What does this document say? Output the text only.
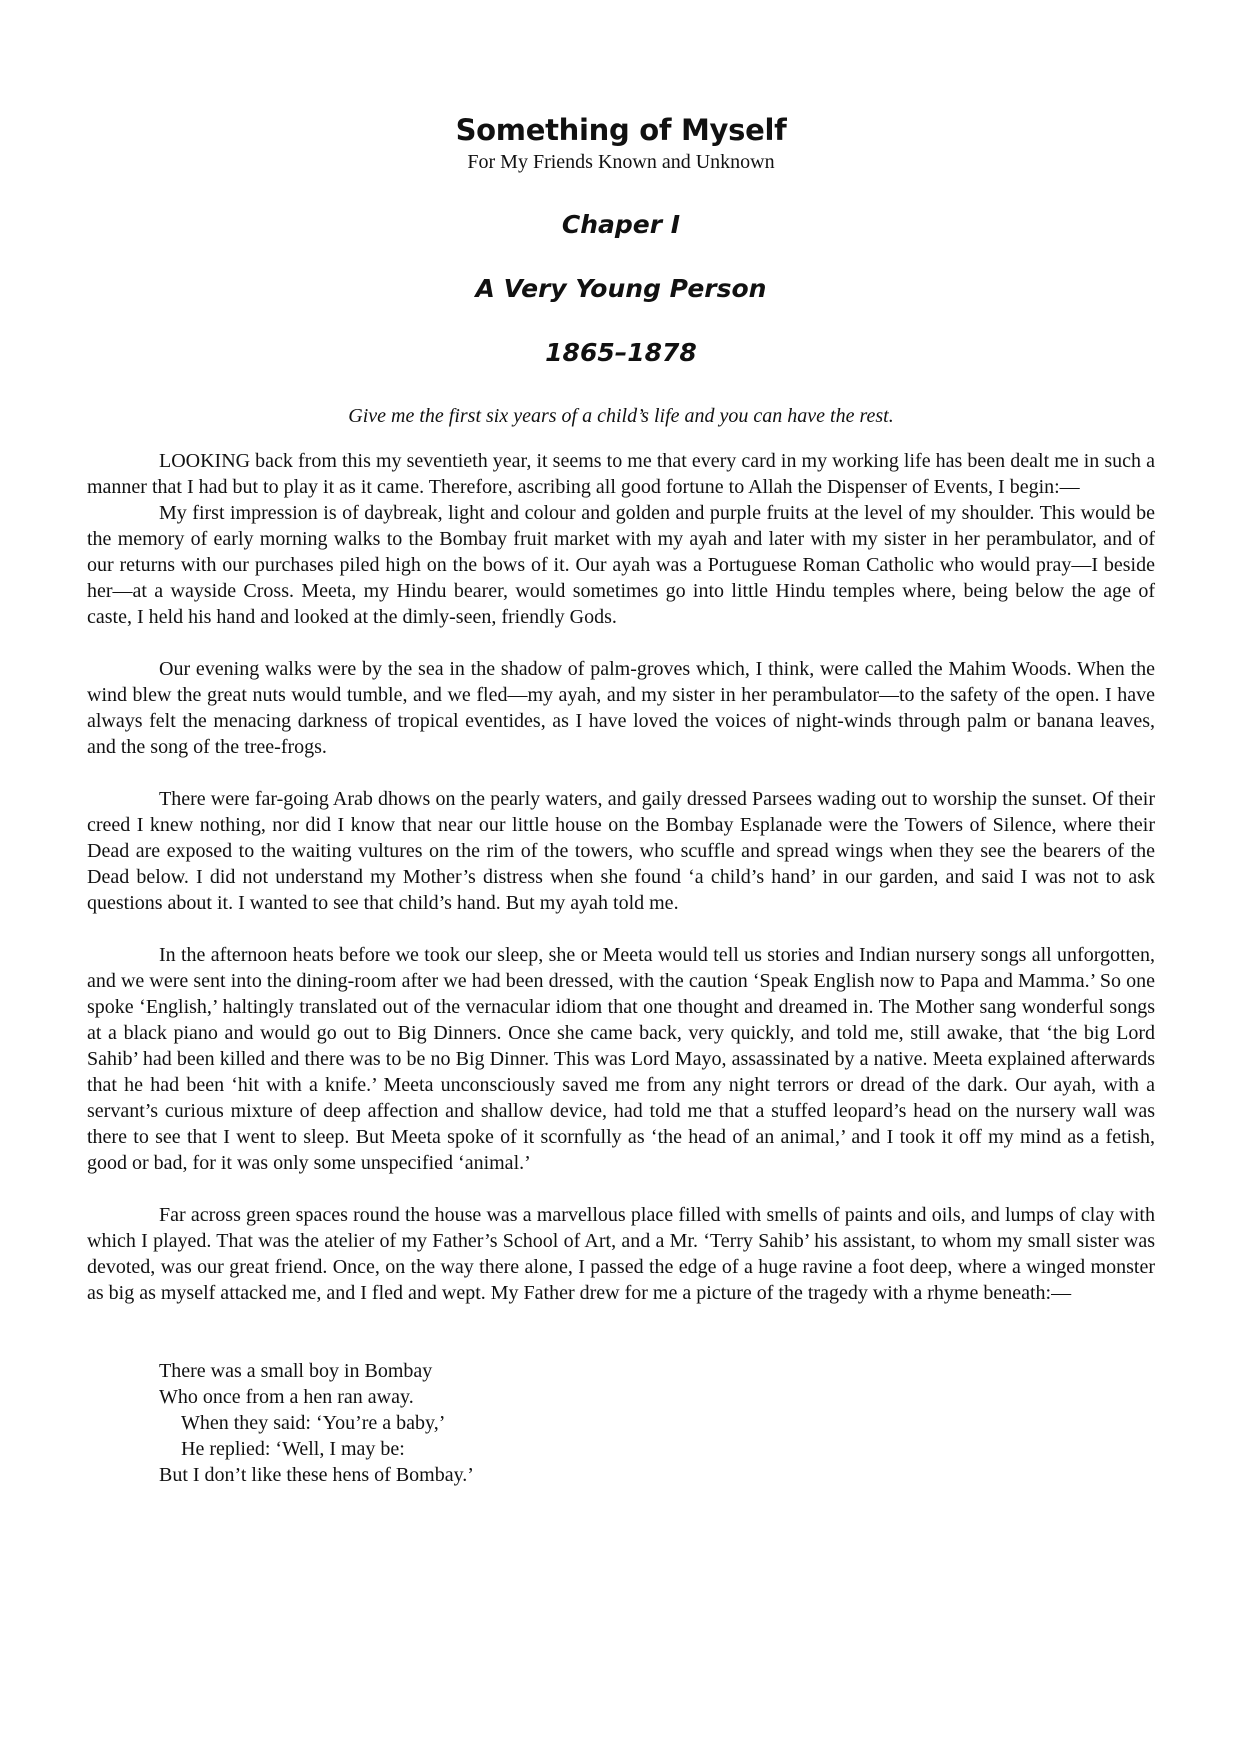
Something of Myself

For My Friends Known and Unknown

Chaper I
A Very Young Person
1865–1878

Give me the first six years of a child’s life and you can have the rest.

LOOKING back from this my seventieth year, it seems to me that every card in my working life has been dealt me in such a manner that I had but to play it as it came. Therefore, ascribing all good fortune to Allah the Dispenser of Events, I begin:—

My first impression is of daybreak, light and colour and golden and purple fruits at the level of my shoulder. This would be the memory of early morning walks to the Bombay fruit market with my ayah and later with my sister in her perambulator, and of our returns with our purchases piled high on the bows of it. Our ayah was a Portuguese Roman Catholic who would pray—I beside her—at a wayside Cross. Meeta, my Hindu bearer, would sometimes go into little Hindu temples where, being below the age of caste, I held his hand and looked at the dimly-seen, friendly Gods.

Our evening walks were by the sea in the shadow of palm-groves which, I think, were called the Mahim Woods. When the wind blew the great nuts would tumble, and we fled—my ayah, and my sister in her perambulator—to the safety of the open. I have always felt the menacing darkness of tropical eventides, as I have loved the voices of night-winds through palm or banana leaves, and the song of the tree-frogs.

There were far-going Arab dhows on the pearly waters, and gaily dressed Parsees wading out to worship the sunset. Of their creed I knew nothing, nor did I know that near our little house on the Bombay Esplanade were the Towers of Silence, where their Dead are exposed to the waiting vultures on the rim of the towers, who scuffle and spread wings when they see the bearers of the Dead below. I did not understand my Mother’s distress when she found ‘a child’s hand’ in our garden, and said I was not to ask questions about it. I wanted to see that child’s hand. But my ayah told me.

In the afternoon heats before we took our sleep, she or Meeta would tell us stories and Indian nursery songs all unforgotten, and we were sent into the dining-room after we had been dressed, with the caution ‘Speak English now to Papa and Mamma.’ So one spoke ‘English,’ haltingly translated out of the vernacular idiom that one thought and dreamed in. The Mother sang wonderful songs at a black piano and would go out to Big Dinners. Once she came back, very quickly, and told me, still awake, that ‘the big Lord Sahib’ had been killed and there was to be no Big Dinner. This was Lord Mayo, assassinated by a native. Meeta explained afterwards that he had been ‘hit with a knife.’ Meeta unconsciously saved me from any night terrors or dread of the dark. Our ayah, with a servant’s curious mixture of deep affection and shallow device, had told me that a stuffed leopard’s head on the nursery wall was there to see that I went to sleep. But Meeta spoke of it scornfully as ‘the head of an animal,’ and I took it off my mind as a fetish, good or bad, for it was only some unspecified ‘animal.’

Far across green spaces round the house was a marvellous place filled with smells of paints and oils, and lumps of clay with which I played. That was the atelier of my Father’s School of Art, and a Mr. ‘Terry Sahib’ his assistant, to whom my small sister was devoted, was our great friend. Once, on the way there alone, I passed the edge of a huge ravine a foot deep, where a winged monster as big as myself attacked me, and I fled and wept. My Father drew for me a picture of the tragedy with a rhyme beneath:—

There was a small boy in Bombay
Who once from a hen ran away.
When they said: ‘You’re a baby,’
He replied: ‘Well, I may be:
But I don’t like these hens of Bombay.’
